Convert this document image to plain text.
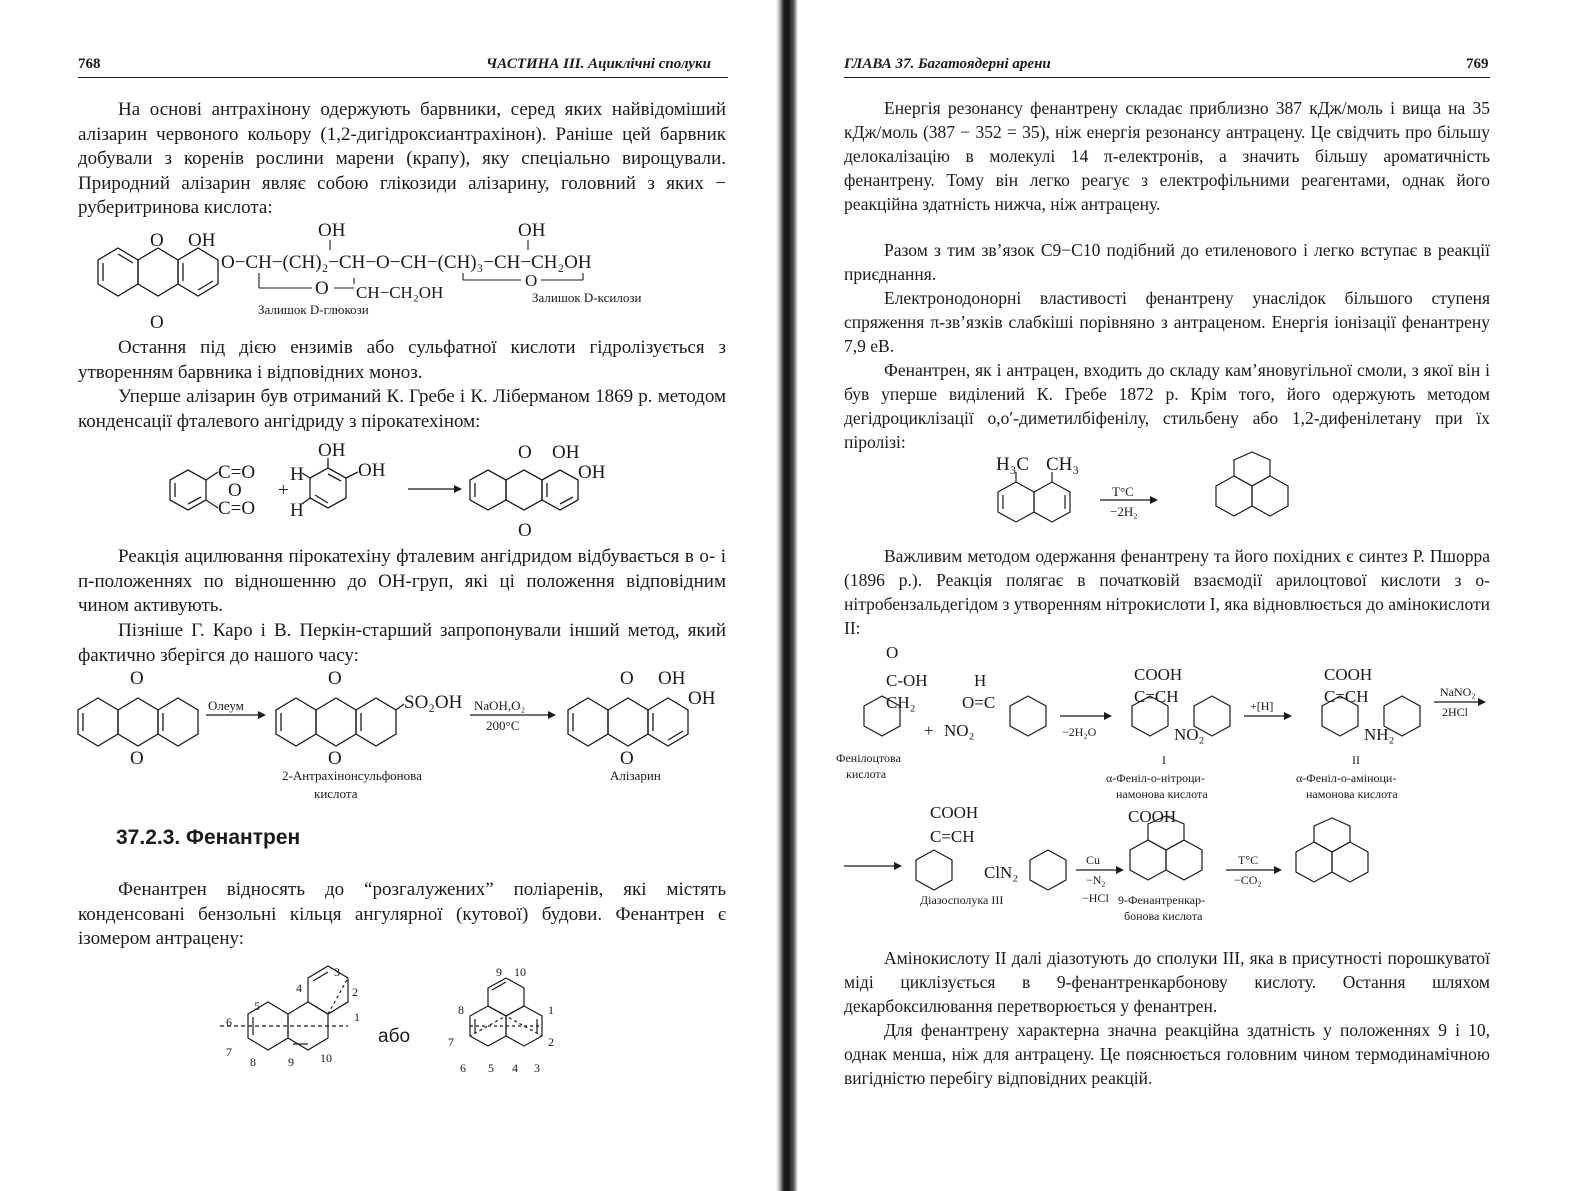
768	ЧАСТИНА ІІІ. Ациклічні сполуки

На основі антрахінону одержують барвники, серед яких найвідоміший алізарин червоного кольору (1,2-дигідроксиантрахінон). Раніше цей барвник добували з коренів рослини марени (крапу), яку спеціально вирощували. Природний алізарин являє собою глікозиди алізарину, головний з яких − руберитринова кислота:

O
O
OH
O−CH−(CH)₂−CH−O−CH−(CH)₃−CH−CH₂OH
OH	OH
O CH−CH₂OH
O
Залишок D-глюкози
Залишок D-ксилози

Остання під дією ензимів або сульфатної кислоти гідролізується з утворенням барвника і відповідних моноз.

Уперше алізарин був отриманий К. Гребе і К. Ліберманом 1869 р. методом конденсації фталевого ангідриду з пірокатехіном:

C=O
O
C=O
+
H
H
OH
OH
O
O
OH
OH

Реакція ацилювання пірокатехіну фталевим ангідридом відбувається в о- і п-положеннях по відношенню до ОН-груп, які ці положення відповідним чином активують.

Пізніше Г. Каро і В. Перкін-старший запропонували інший метод, який фактично зберігся до нашого часу:

O
O
O
O
SO₂OH
O
O
OH
OH
Олеум	NaOH,O₂
200°C
2-Антрахінонсульфонова
кислота
Алізарин
37.2.3. Фенантрен

Фенантрен відносять до “розгалужених” поліаренів, які містять конденсовані бензольні кільця ангулярної (кутової) будови. Фенантрен є ізомером антрацену:

1
2
3
4
5
6
7
8	9 10
1
2
3
4
5
6
7
8
9 10
або
ГЛАВА 37. Багатоядерні арени	769

Енергія резонансу фенантрену складає приблизно 387 кДж/моль і вища на 35 кДж/моль (387 − 352 = 35), ніж енергія резонансу антрацену. Це свідчить про більшу делокалізацію в молекулі 14 π-електронів, а значить більшу ароматичність фенантрену. Тому він легко реагує з електрофільними реагентами, однак його реакційна здатність нижча, ніж антрацену.

Разом з тим зв’язок С9−С10 подібний до етиленового і легко вступає в реакції приєднання.

Електронодонорні властивості фенантрену унаслідок більшого ступеня спряження π-зв’язків слабкіші порівняно з антраценом. Енергія іонізації фенантрену 7,9 еВ.

Фенантрен, як і антрацен, входить до складу кам’яновугільної смоли, з якої він і був уперше виділений К. Гребе 1872 р. Крім того, його одержують методом дегідроциклізації о,о′-диметилбіфенілу, стильбену або 1,2-дифенілетану при їх піролізі:

H₃C CH₃
T°C
−2H₂

Важливим методом одержання фенантрену та його похідних є синтез Р. Пшорра (1896 р.). Реакція полягає в початковій взаємодії арилоцтової кислоти з о-нітробензальдегідом з утворенням нітрокислоти І, яка відновлюється до амінокислоти ІІ:

O
C-OH
CH₂
+
H
O=C
NO₂
COOH
C=CH
NO₂
COOH
C=CH
NH₂
COOH
C=CH
ClN₂
COOH
Фенілоцтова
кислота
−2H₂O
І
α-Феніл-о-нітроци-
намонова кислота
+[H]
ІІ
α-Феніл-о-аміноци-
намонова кислота
NaNO₂
2HCl
Діазосполука ІІІ
Cu
−N₂
−HCl 9-Фенантренкар-
бонова кислота
T°C
−CO₂

Амінокислоту ІІ далі діазотують до сполуки ІІІ, яка в присутності порошкуватої міді циклізується в 9-фенантренкарбонову кислоту. Остання шляхом декарбоксилювання перетворюється у фенантрен.

Для фенантрену характерна значна реакційна здатність у положеннях 9 і 10, однак менша, ніж для антрацену. Це пояснюється головним чином термодинамічною вигідністю перебігу відповідних реакцій.
